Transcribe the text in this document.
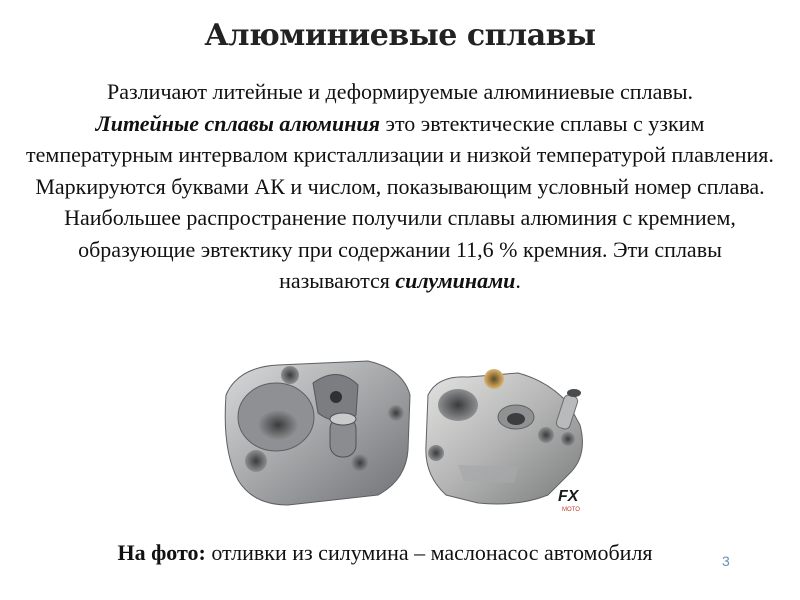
Алюминиевые сплавы

Различают литейные и деформируемые алюминиевые сплавы.
Литейные сплавы алюминия это эвтектические сплавы с узким температурным интервалом кристаллизации и низкой температурой плавления. Маркируются буквами АК и числом, показывающим условный номер сплава.

Наибольшее распространение получили сплавы алюминия с кремнием, образующие эвтектику при содержании 11,6 % кремния. Эти сплавы называются силуминами.

FX
MOTO
На фото: отливки из силумина – маслонасос автомобиля	3
